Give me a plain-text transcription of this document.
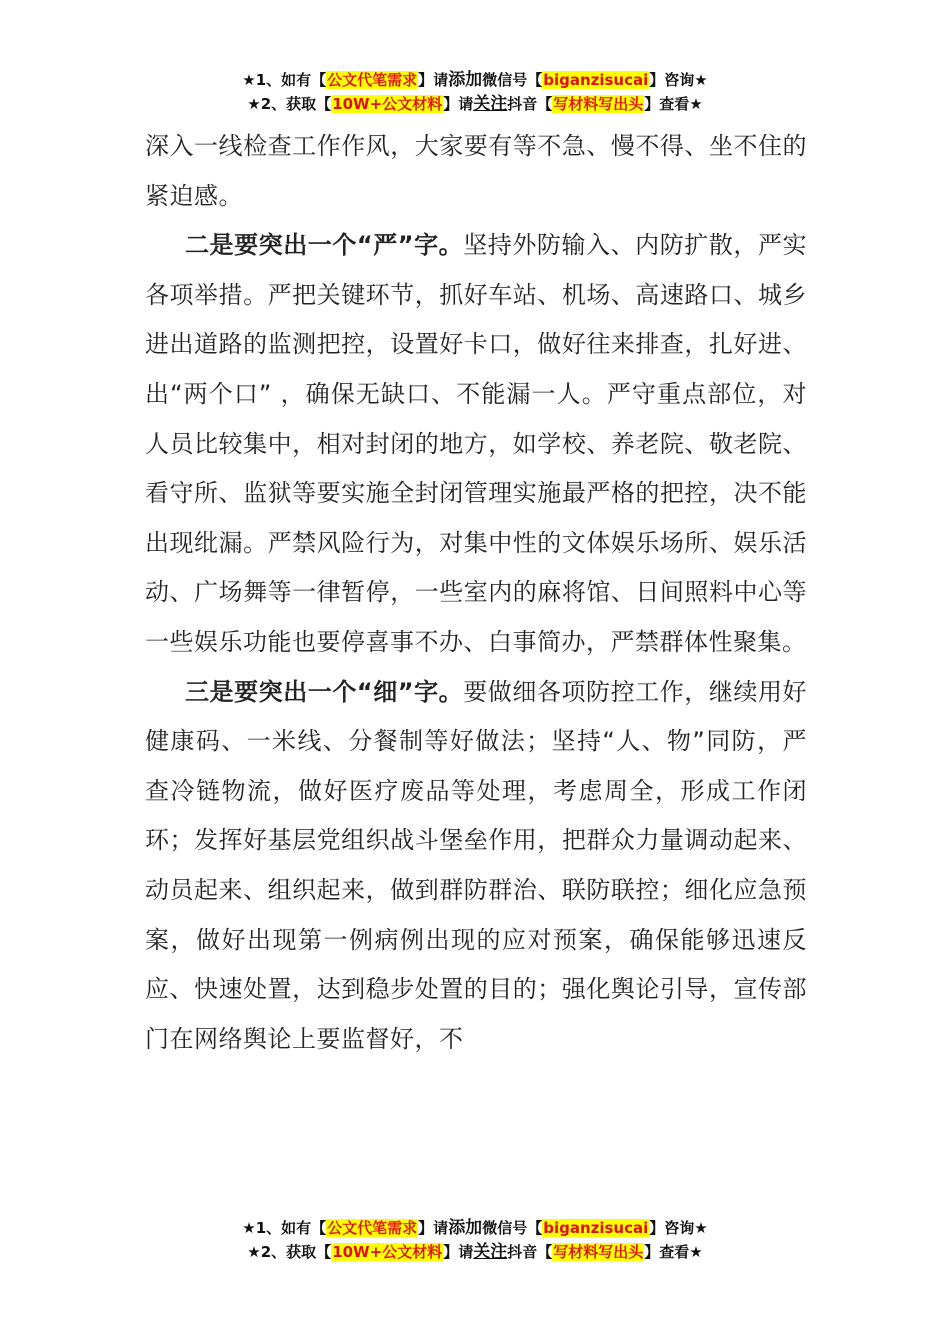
★1、如有【公文代笔需求】请添加微信号【biganzisucai】咨询★
★2、获取【10W+公文材料】请关注抖音【写材料写出头】查看★

深入一线检查工作作风，大家要有等不急、慢不得、坐不住的紧迫感。

二是要突出一个“严”字。坚持外防输入、内防扩散，严实各项举措。严把关键环节，抓好车站、机场、高速路口、城乡进出道路的监测把控，设置好卡口，做好往来排查，扎好进、出“两个口” ，确保无缺口、不能漏一人。严守重点部位，对人员比较集中，相对封闭的地方，如学校、养老院、敬老院、看守所、监狱等要实施全封闭管理实施最严格的把控，决不能出现纰漏。严禁风险行为，对集中性的文体娱乐场所、娱乐活动、广场舞等一律暂停，一些室内的麻将馆、日间照料中心等一些娱乐功能也要停喜事不办、白事简办，严禁群体性聚集。

三是要突出一个“细”字。要做细各项防控工作，继续用好健康码、一米线、分餐制等好做法；坚持“人、物”同防，严查冷链物流，做好医疗废品等处理，考虑周全，形成工作闭环；发挥好基层党组织战斗堡垒作用，把群众力量调动起来、动员起来、组织起来，做到群防群治、联防联控；细化应急预案，做好出现第一例病例出现的应对预案，确保能够迅速反应、快速处置，达到稳步处置的目的；强化舆论引导，宣传部门在网络舆论上要监督好，不

★1、如有【公文代笔需求】请添加微信号【biganzisucai】咨询★
★2、获取【10W+公文材料】请关注抖音【写材料写出头】查看★
